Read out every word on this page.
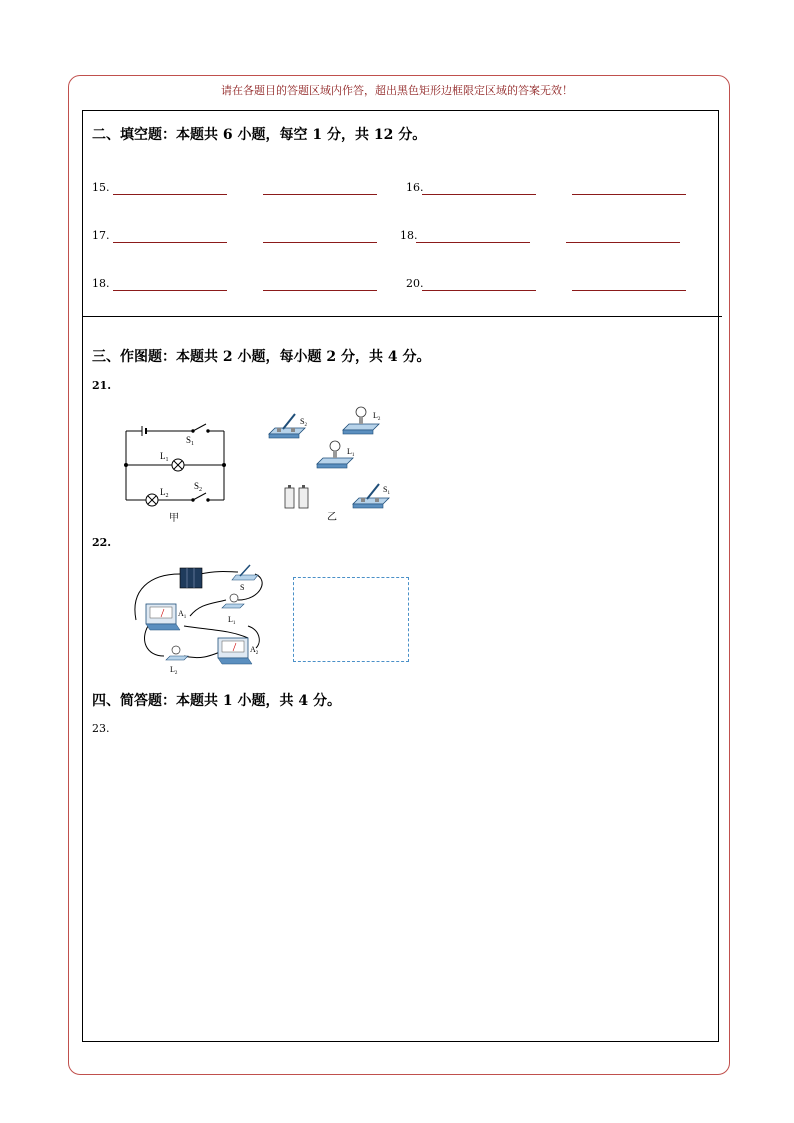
请在各题目的答题区域内作答，超出黑色矩形边框限定区域的答案无效！
二、填空题：本题共 6 小题，每空 1 分，共 12 分。
15.	16.
17.	18.
18.	20.
三、作图题：本题共 2 小题，每小题 2 分，共 4 分。
21.
$S_1$
$L_1$
$L_2$
$S_2$
甲
$S_2$
$L_2$
$L_1$
$S_1$
乙
22.
S
$L_1$
$A_1$
$L_2$
$A_2$
四、简答题：本题共 1 小题，共 4 分。
23.
